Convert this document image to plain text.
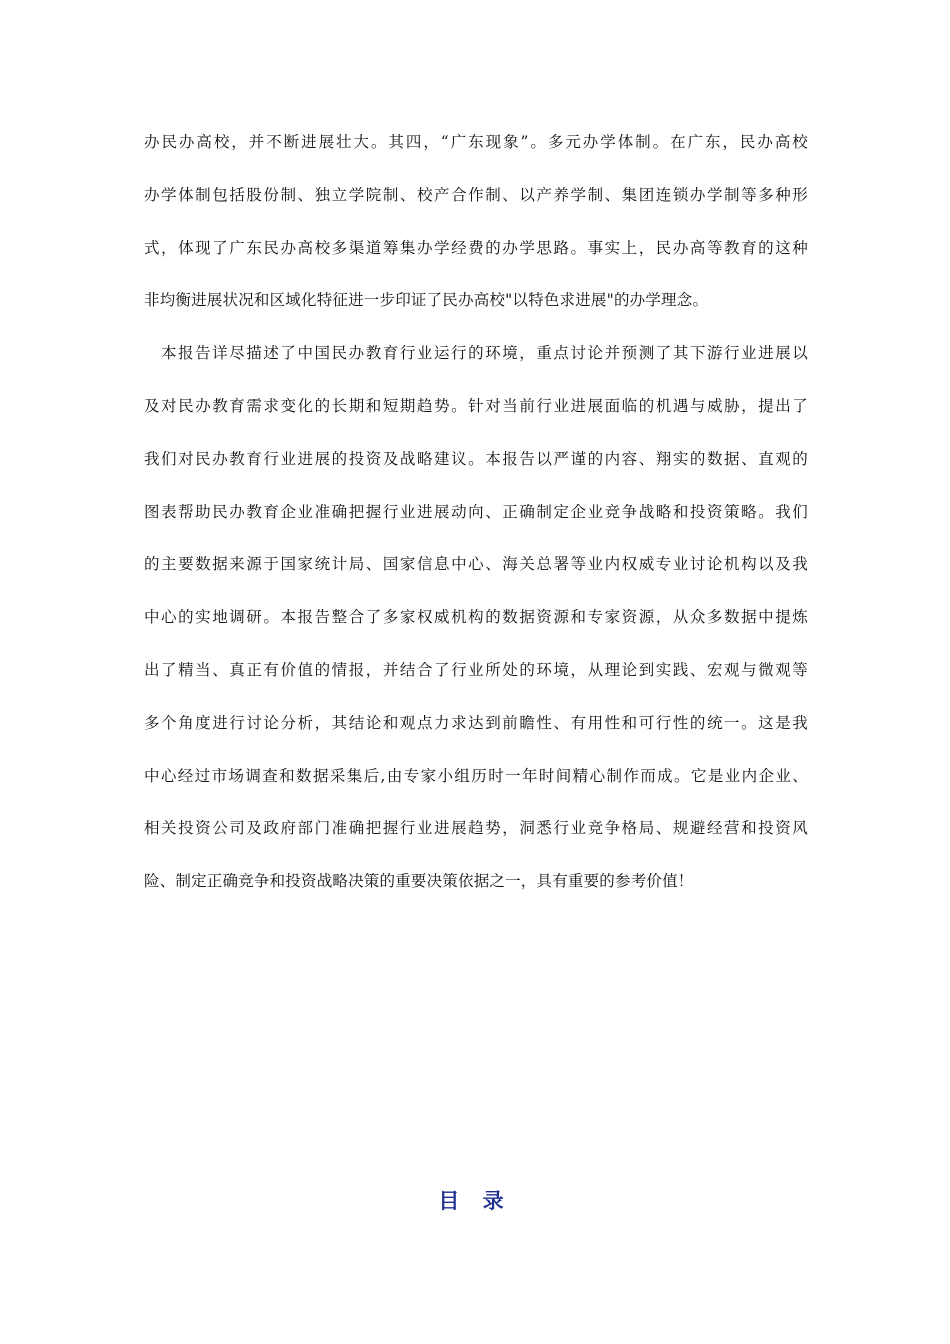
办民办高校，并不断进展壮大。其四，“广东现象”。多元办学体制。在广东，民办高校
办学体制包括股份制、独立学院制、校产合作制、以产养学制、集团连锁办学制等多种形
式，体现了广东民办高校多渠道筹集办学经费的办学思路。事实上，民办高等教育的这种
非均衡进展状况和区域化特征进一步印证了民办高校"以特色求进展"的办学理念。
本报告详尽描述了中国民办教育行业运行的环境，重点讨论并预测了其下游行业进展以
及对民办教育需求变化的长期和短期趋势。针对当前行业进展面临的机遇与威胁，提出了
我们对民办教育行业进展的投资及战略建议。本报告以严谨的内容、翔实的数据、直观的
图表帮助民办教育企业准确把握行业进展动向、正确制定企业竞争战略和投资策略。我们
的主要数据来源于国家统计局、国家信息中心、海关总署等业内权威专业讨论机构以及我
中心的实地调研。本报告整合了多家权威机构的数据资源和专家资源，从众多数据中提炼
出了精当、真正有价值的情报，并结合了行业所处的环境，从理论到实践、宏观与微观等
多个角度进行讨论分析，其结论和观点力求达到前瞻性、有用性和可行性的统一。这是我
中心经过市场调查和数据采集后,由专家小组历时一年时间精心制作而成。它是业内企业、
相关投资公司及政府部门准确把握行业进展趋势，洞悉行业竞争格局、规避经营和投资风
险、制定正确竞争和投资战略决策的重要决策依据之一，具有重要的参考价值！
目 录
